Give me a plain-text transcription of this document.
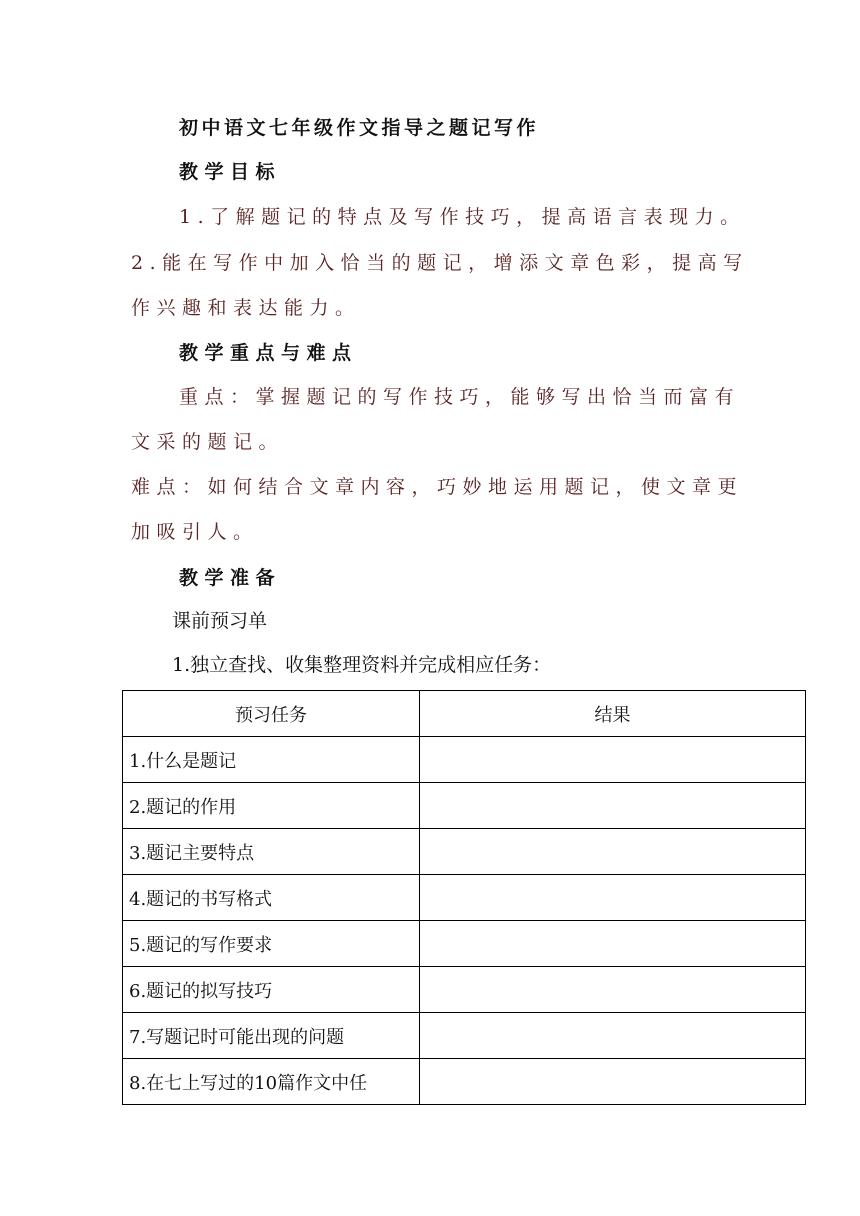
初中语文七年级作文指导之题记写作
教学目标
1.了解题记的特点及写作技巧，提高语言表现力。
2.能在写作中加入恰当的题记，增添文章色彩，提高写
作兴趣和表达能力。
教学重点与难点
重点：掌握题记的写作技巧，能够写出恰当而富有
文采的题记。
难点：如何结合文章内容，巧妙地运用题记，使文章更
加吸引人。
教学准备
课前预习单
1.独立查找、收集整理资料并完成相应任务：
预习任务	结果
1.什么是题记	
2.题记的作用	
3.题记主要特点	
4.题记的书写格式	
5.题记的写作要求	
6.题记的拟写技巧	
7.写题记时可能出现的问题	
8.在七上写过的10篇作文中任	
